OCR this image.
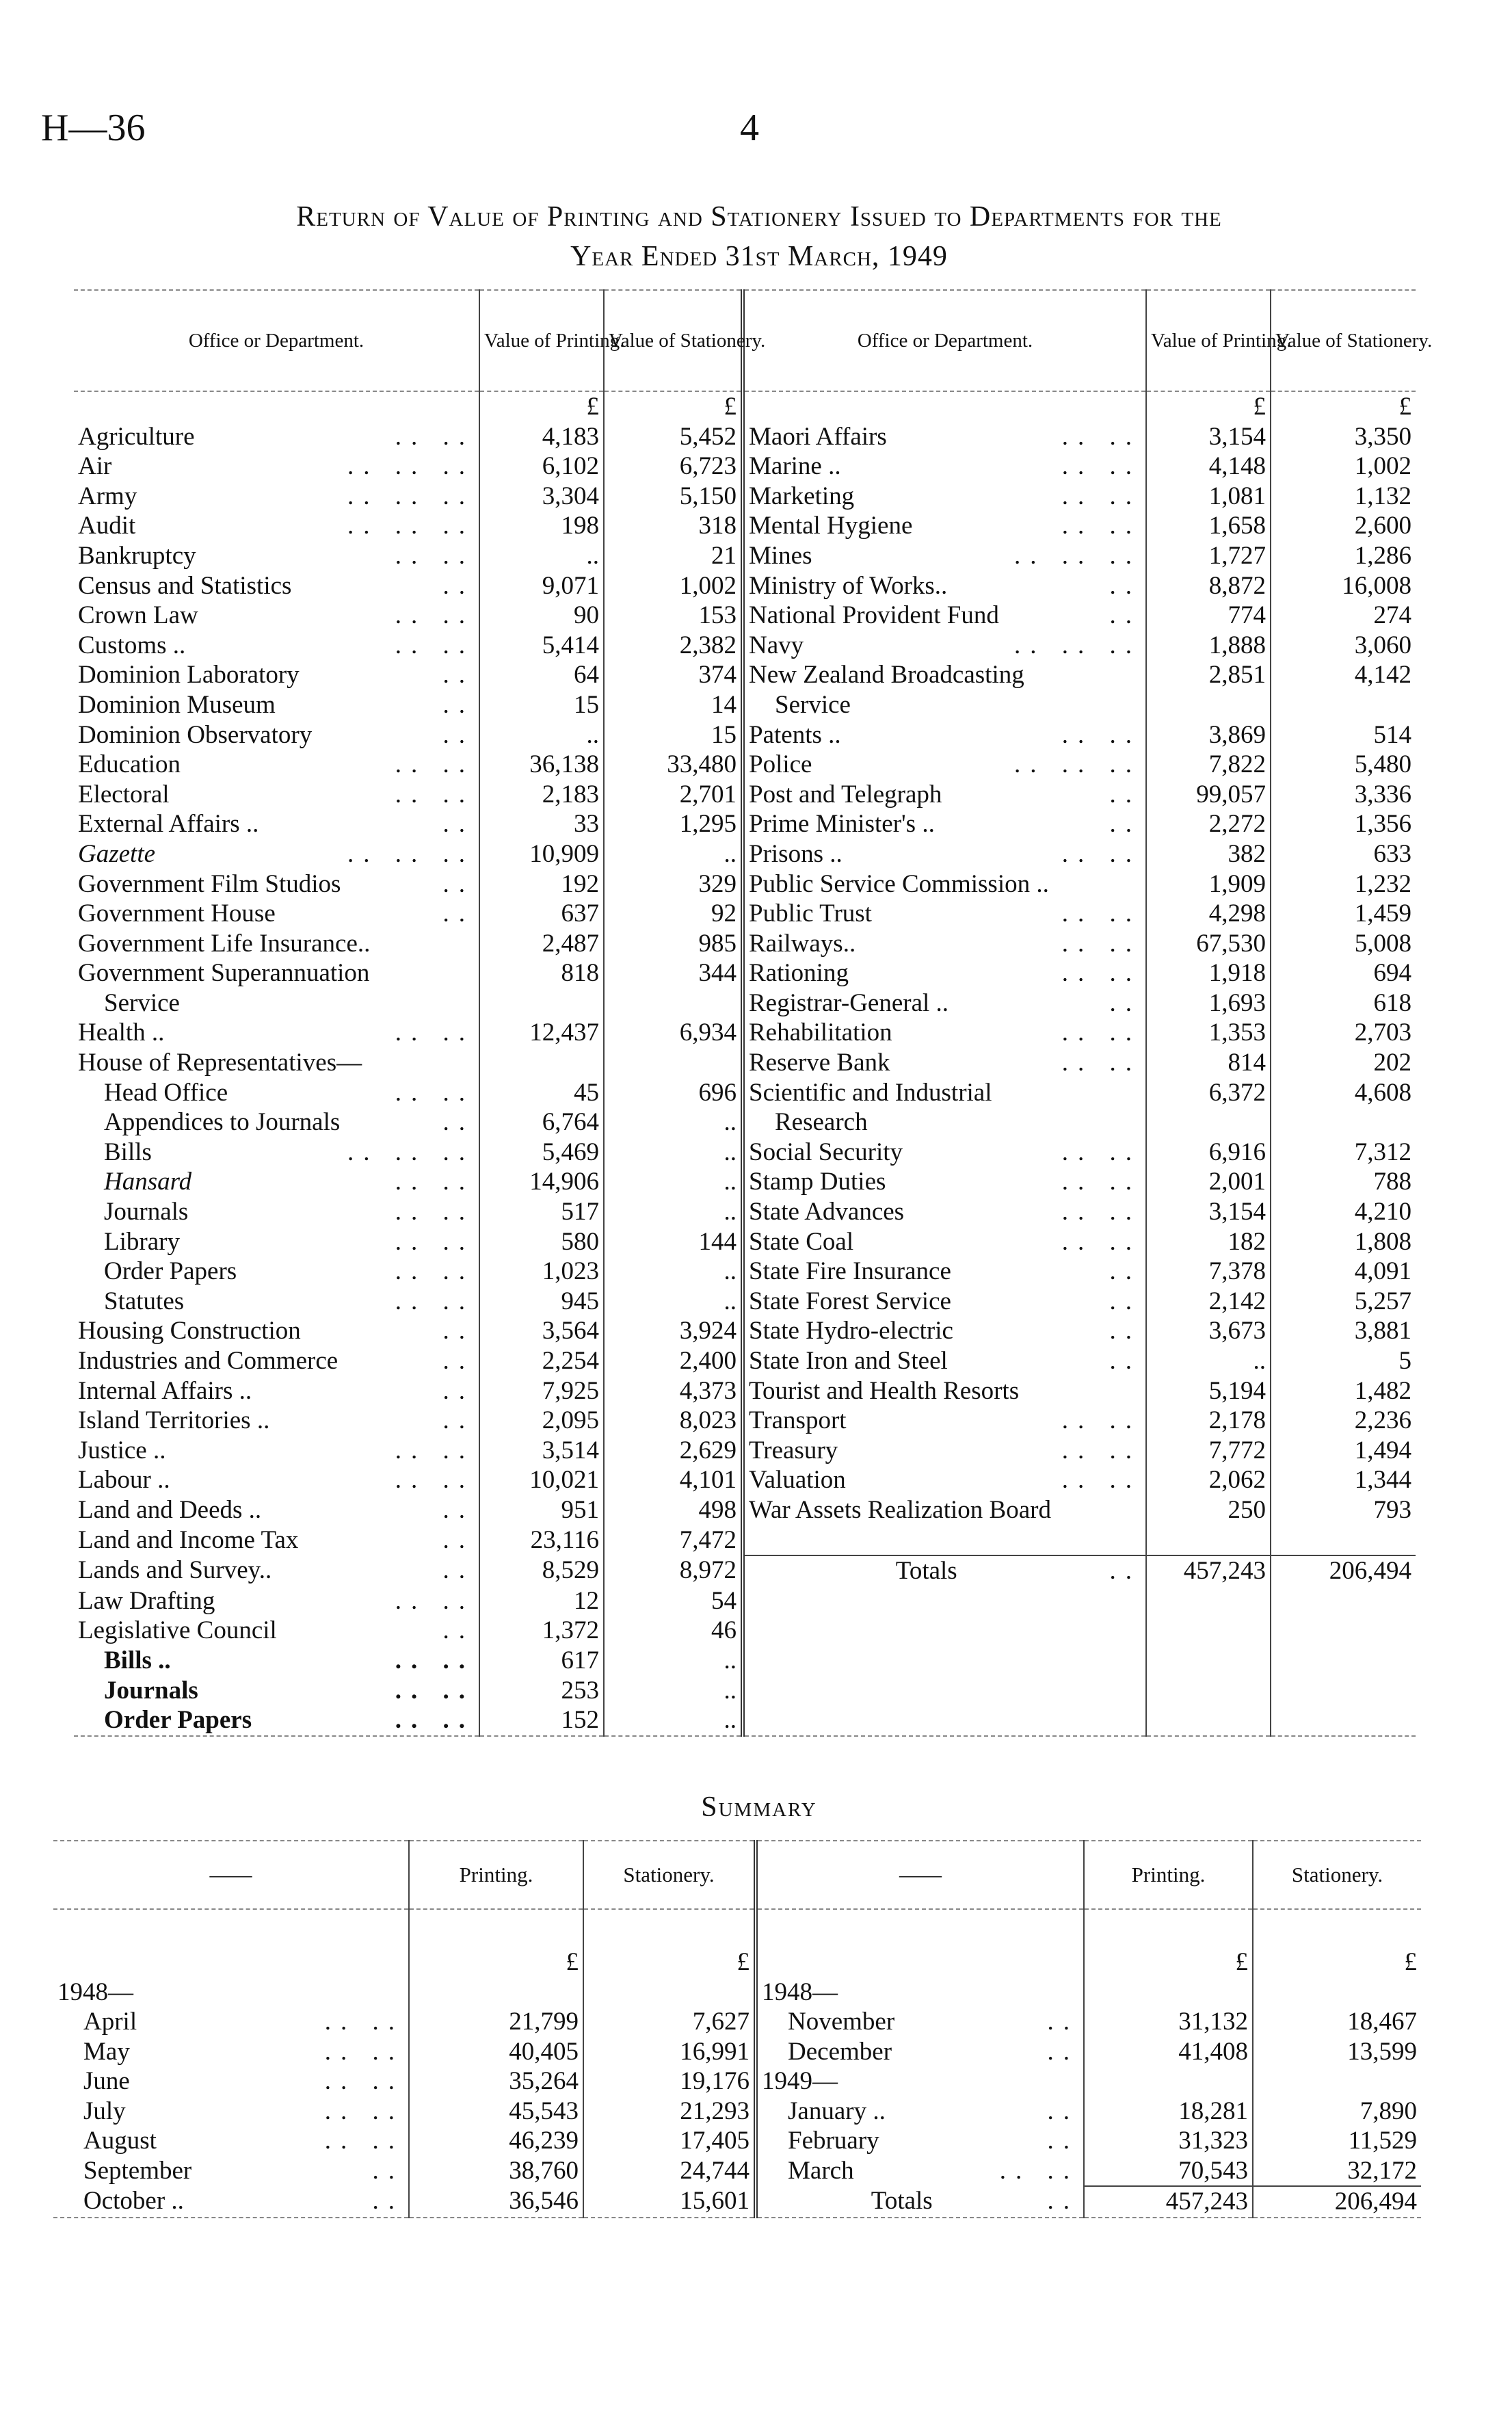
H—36	4
Return of Value of Printing and Stationery Issued to Departments for the
Year Ended 31st March, 1949
Office or Department.	Value of Printing.	Value of Stationery.	Office or Department.	Value of Printing.	Value of Stationery.
	£	£		£	£
Agriculture .. ..	4,183	5,452	Maori Affairs .. ..	3,154	3,350
Air .. .. ..	6,102	6,723	Marine .. .. ..	4,148	1,002
Army .. .. ..	3,304	5,150	Marketing .. ..	1,081	1,132
Audit .. .. ..	198	318	Mental Hygiene .. ..	1,658	2,600
Bankruptcy .. ..	..	21	Mines .. .. ..	1,727	1,286
Census and Statistics ..	9,071	1,002	Ministry of Works.. ..	8,872	16,008
Crown Law .. ..	90	153	National Provident Fund ..	774	274
Customs .. .. ..	5,414	2,382	Navy .. .. ..	1,888	3,060
Dominion Laboratory ..	64	374	New Zealand Broadcasting	2,851	4,142
Dominion Museum ..	15	14	Service		
Dominion Observatory ..	..	15	Patents .. .. ..	3,869	514
Education .. ..	36,138	33,480	Police .. .. ..	7,822	5,480
Electoral .. ..	2,183	2,701	Post and Telegraph ..	99,057	3,336
External Affairs .. ..	33	1,295	Prime Minister's .. ..	2,272	1,356
Gazette .. .. ..	10,909	..	Prisons .. .. ..	382	633
Government Film Studios ..	192	329	Public Service Commission ..	1,909	1,232
Government House ..	637	92	Public Trust .. ..	4,298	1,459
Government Life Insurance..	2,487	985	Railways.. .. ..	67,530	5,008
Government Superannuation	818	344	Rationing .. ..	1,918	694
Service			Registrar-General .. ..	1,693	618
Health .. .. ..	12,437	6,934	Rehabilitation .. ..	1,353	2,703
House of Representatives—			Reserve Bank .. ..	814	202
Head Office .. ..	45	696	Scientific and Industrial	6,372	4,608
Appendices to Journals ..	6,764	..	Research		
Bills .. .. ..	5,469	..	Social Security .. ..	6,916	7,312
Hansard .. ..	14,906	..	Stamp Duties .. ..	2,001	788
Journals .. ..	517	..	State Advances .. ..	3,154	4,210
Library .. ..	580	144	State Coal .. ..	182	1,808
Order Papers .. ..	1,023	..	State Fire Insurance ..	7,378	4,091
Statutes .. ..	945	..	State Forest Service ..	2,142	5,257
Housing Construction ..	3,564	3,924	State Hydro-electric ..	3,673	3,881
Industries and Commerce ..	2,254	2,400	State Iron and Steel ..	..	5
Internal Affairs .. ..	7,925	4,373	Tourist and Health Resorts	5,194	1,482
Island Territories .. ..	2,095	8,023	Transport .. ..	2,178	2,236
Justice .. .. ..	3,514	2,629	Treasury .. ..	7,772	1,494
Labour .. .. ..	10,021	4,101	Valuation .. ..	2,062	1,344
Land and Deeds .. ..	951	498	War Assets Realization Board	250	793
Land and Income Tax ..	23,116	7,472			
Lands and Survey.. ..	8,529	8,972	Totals ..	457,243	206,494
Law Drafting .. ..	12	54			
Legislative Council ..	1,372	46			
Bills .. .. ..	617	..			
Journals .. ..	253	..			
Order Papers .. ..	152	..			
Summary
——	Printing.	Stationery.	——	Printing.	Stationery.

	£	£		£	£
1948—			1948—		
April .. ..	21,799	7,627	November ..	31,132	18,467
May .. ..	40,405	16,991	December ..	41,408	13,599
June .. ..	35,264	19,176	1949—		
July .. ..	45,543	21,293	January .. ..	18,281	7,890
August .. ..	46,239	17,405	February ..	31,323	11,529
September ..	38,760	24,744	March .. ..	70,543	32,172
October .. ..	36,546	15,601	Totals ..	457,243	206,494
